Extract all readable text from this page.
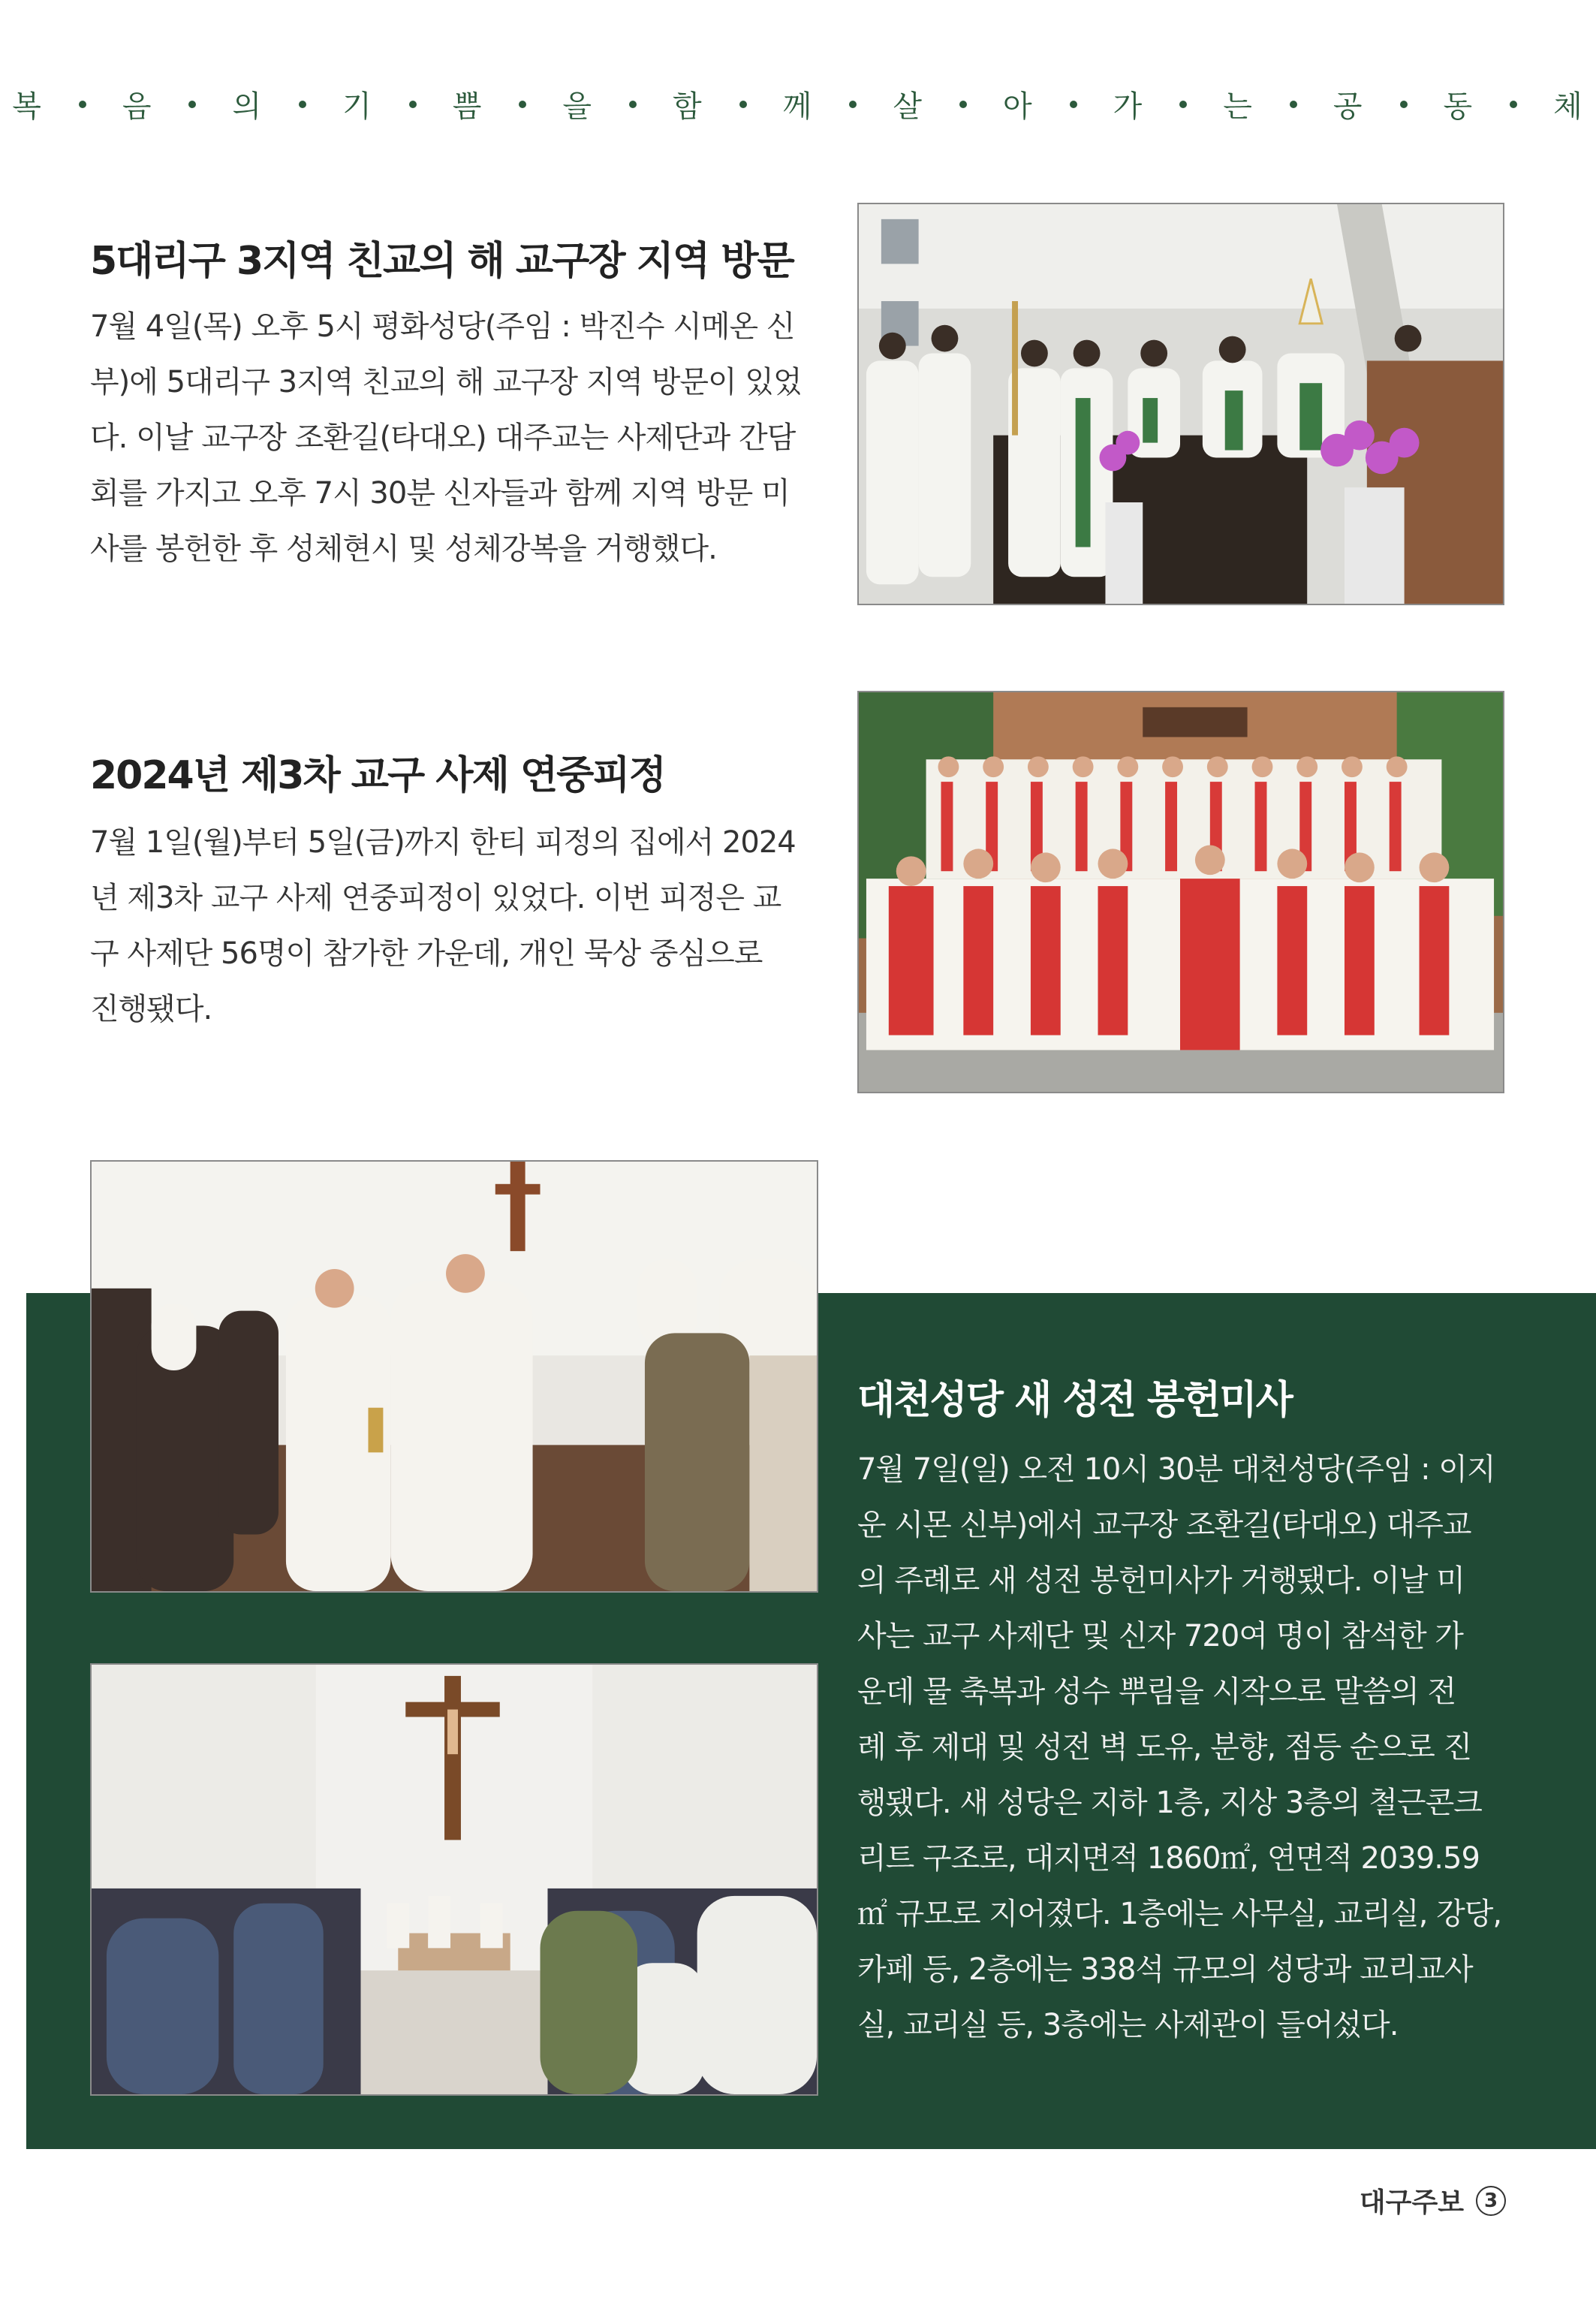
복	음	의	기	쁨	을	함	께	살	아	가	는	공	동	체
5대리구 3지역 친교의 해 교구장 지역 방문
7월 4일(목) 오후 5시 평화성당(주임 : 박진수 시메온 신
부)에 5대리구 3지역 친교의 해 교구장 지역 방문이 있었
다. 이날 교구장 조환길(타대오) 대주교는 사제단과 간담
회를 가지고 오후 7시 30분 신자들과 함께 지역 방문 미
사를 봉헌한 후 성체현시 및 성체강복을 거행했다.
2024년 제3차 교구 사제 연중피정
7월 1일(월)부터 5일(금)까지 한티 피정의 집에서 2024
년 제3차 교구 사제 연중피정이 있었다. 이번 피정은 교
구 사제단 56명이 참가한 가운데, 개인 묵상 중심으로
진행됐다.
대천성당 새 성전 봉헌미사
7월 7일(일) 오전 10시 30분 대천성당(주임 : 이지
운 시몬 신부)에서 교구장 조환길(타대오) 대주교
의 주례로 새 성전 봉헌미사가 거행됐다. 이날 미
사는 교구 사제단 및 신자 720여 명이 참석한 가
운데 물 축복과 성수 뿌림을 시작으로 말씀의 전
례 후 제대 및 성전 벽 도유, 분향, 점등 순으로 진
행됐다. 새 성당은 지하 1층, 지상 3층의 철근콘크
리트 구조로, 대지면적 1860㎡, 연면적 2039.59
㎡ 규모로 지어졌다. 1층에는 사무실, 교리실, 강당,
카페 등, 2층에는 338석 규모의 성당과 교리교사
실, 교리실 등, 3층에는 사제관이 들어섰다.
대구주보	3
